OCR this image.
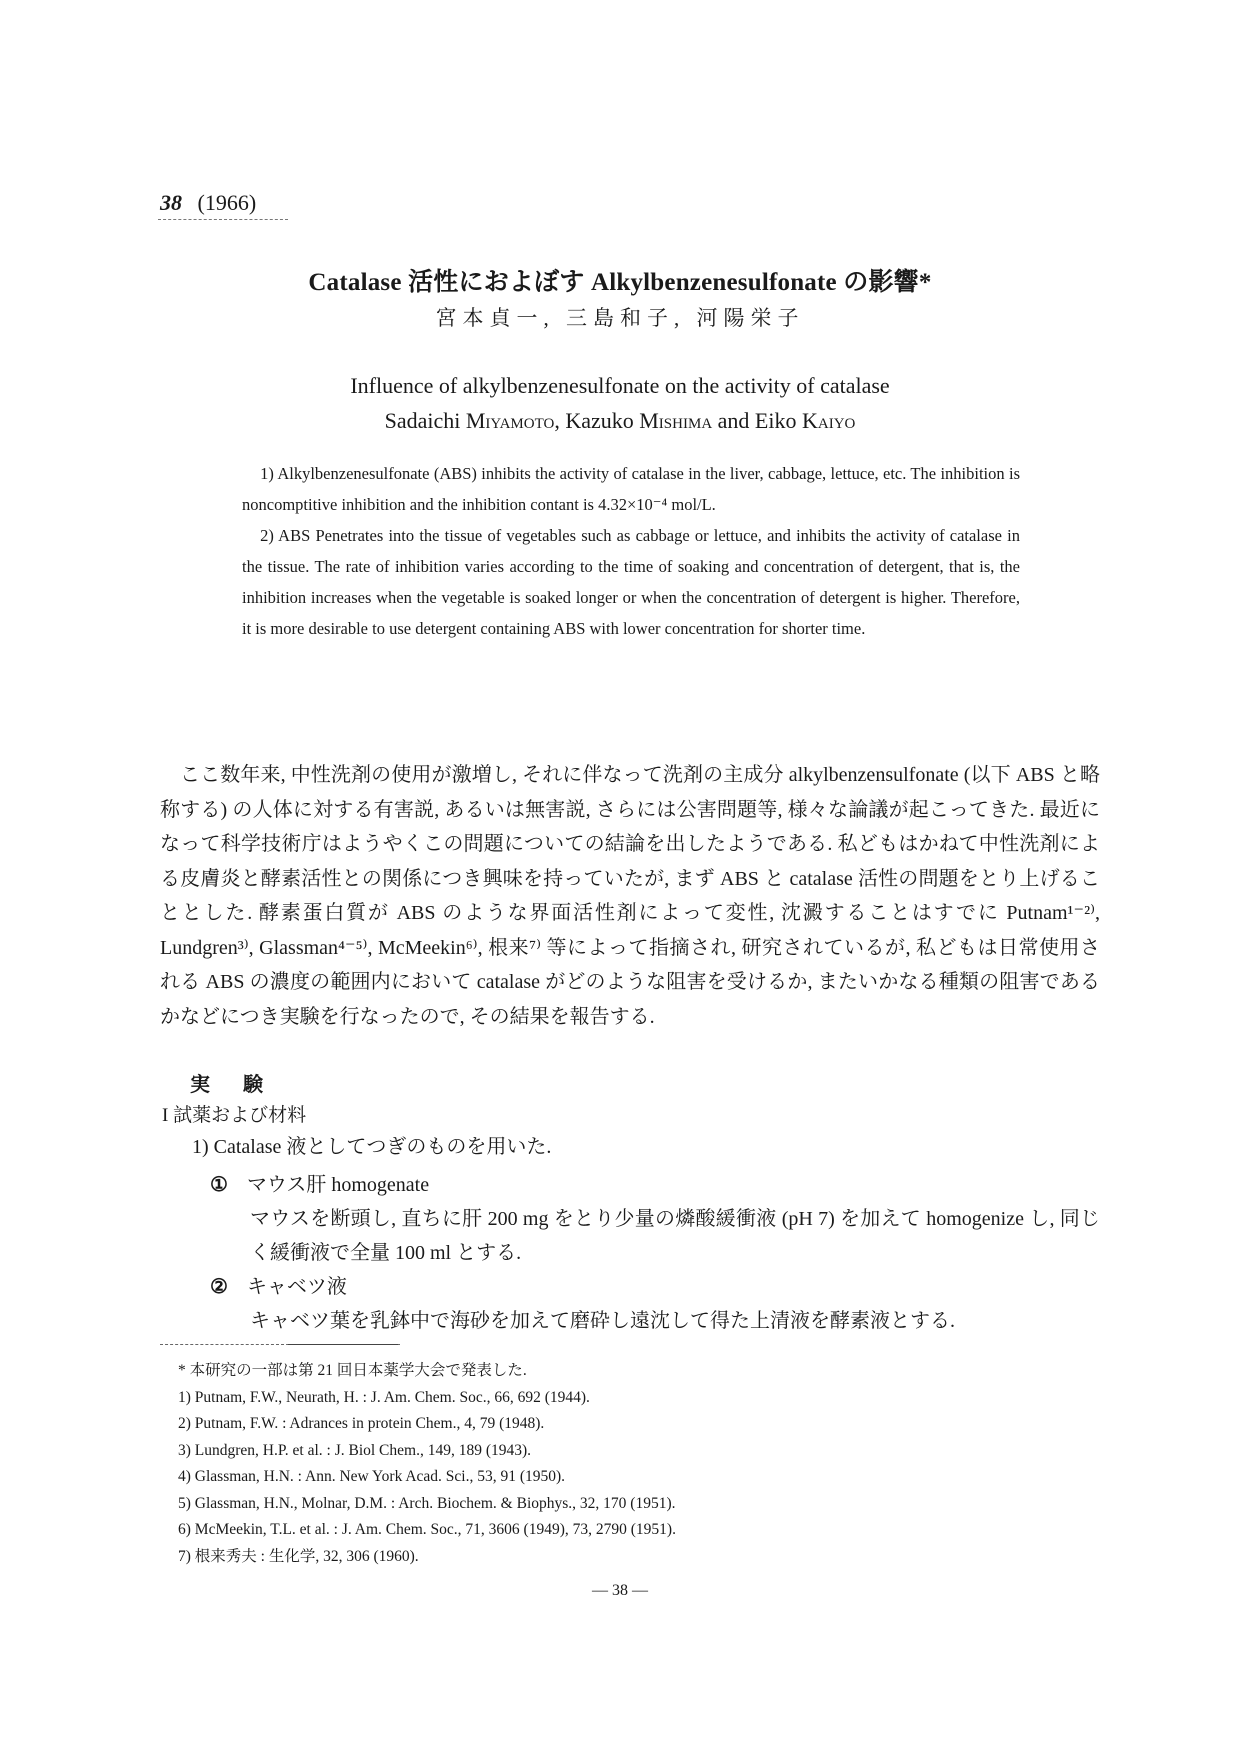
38 (1966)
Catalase 活性におよぼす Alkylbenzenesulfonate の影響*
宮本貞一, 三島和子, 河陽栄子
Influence of alkylbenzenesulfonate on the activity of catalase
Sadaichi Miyamoto, Kazuko Mishima and Eiko Kaiyo

1) Alkylbenzenesulfonate (ABS) inhibits the activity of catalase in the liver, cabbage, lettuce, etc. The inhibition is noncomptitive inhibition and the inhibition contant is 4.32×10⁻⁴ mol/L.

2) ABS Penetrates into the tissue of vegetables such as cabbage or lettuce, and inhibits the activity of catalase in the tissue. The rate of inhibition varies according to the time of soaking and concentration of detergent, that is, the inhibition increases when the vegetable is soaked longer or when the concentration of detergent is higher. Therefore, it is more desirable to use detergent containing ABS with lower concentration for shorter time.

ここ数年来, 中性洗剤の使用が激増し, それに伴なって洗剤の主成分 alkylbenzensulfonate (以下 ABS と略称する) の人体に対する有害説, あるいは無害説, さらには公害問題等, 様々な論議が起こってきた. 最近になって科学技術庁はようやくこの問題についての結論を出したようである. 私どもはかねて中性洗剤による皮膚炎と酵素活性との関係につき興味を持っていたが, まず ABS と catalase 活性の問題をとり上げることとした. 酵素蛋白質が ABS のような界面活性剤によって変性, 沈澱することはすでに Putnam¹⁻²⁾, Lundgren³⁾, Glassman⁴⁻⁵⁾, McMeekin⁶⁾, 根来⁷⁾ 等によって指摘され, 研究されているが, 私どもは日常使用される ABS の濃度の範囲内において catalase がどのような阻害を受けるか, またいかなる種類の阻害であるかなどにつき実験を行なったので, その結果を報告する.

実 験
I 試薬および材料
1) Catalase 液としてつぎのものを用いた.
① マウス肝 homogenate
マウスを断頭し, 直ちに肝 200 mg をとり少量の燐酸緩衝液 (pH 7) を加えて homogenize し, 同じく緩衝液で全量 100 ml とする.
② キャベツ液
キャベツ葉を乳鉢中で海砂を加えて磨砕し遠沈して得た上清液を酵素液とする.
* 本研究の一部は第 21 回日本薬学大会で発表した.
1) Putnam, F.W., Neurath, H. : J. Am. Chem. Soc., 66, 692 (1944).
2) Putnam, F.W. : Adrances in protein Chem., 4, 79 (1948).
3) Lundgren, H.P. et al. : J. Biol Chem., 149, 189 (1943).
4) Glassman, H.N. : Ann. New York Acad. Sci., 53, 91 (1950).
5) Glassman, H.N., Molnar, D.M. : Arch. Biochem. & Biophys., 32, 170 (1951).
6) McMeekin, T.L. et al. : J. Am. Chem. Soc., 71, 3606 (1949), 73, 2790 (1951).
7) 根来秀夫 : 生化学, 32, 306 (1960).
— 38 —
